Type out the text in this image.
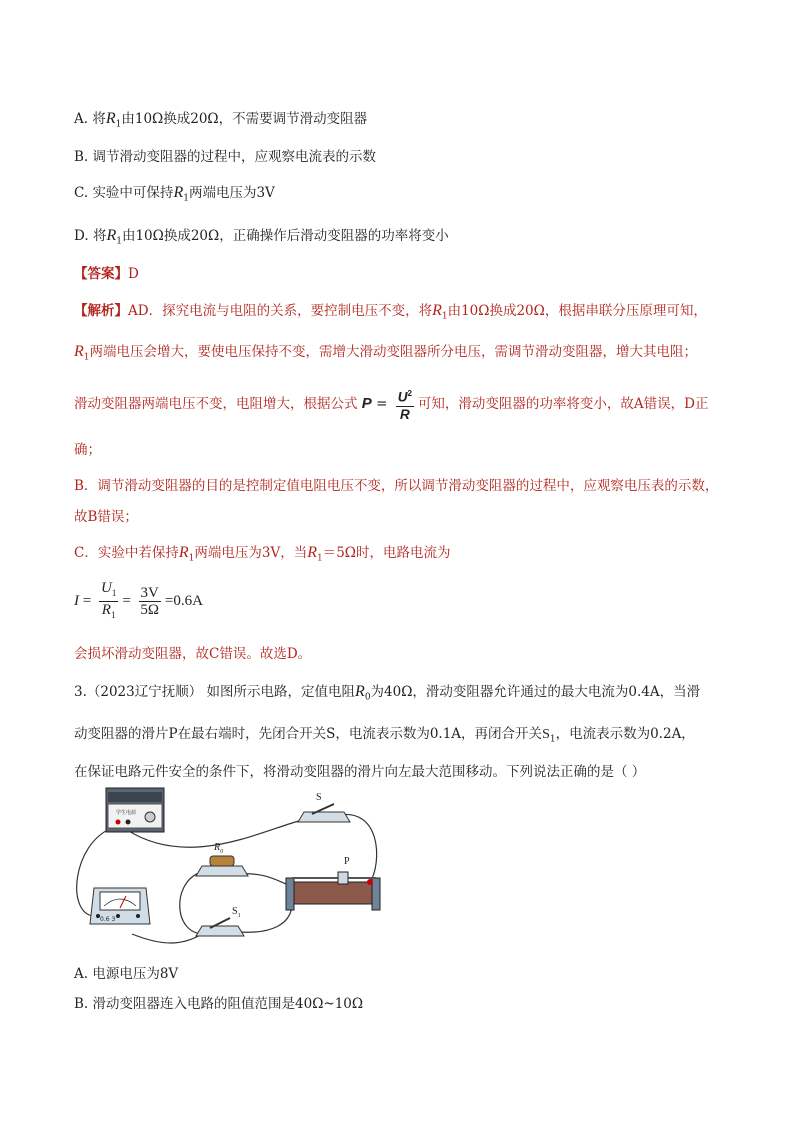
A. 将$R_1$由10Ω换成20Ω，不需要调节滑动变阻器
B. 调节滑动变阻器的过程中，应观察电流表的示数
C. 实验中可保持$R_1$两端电压为3V
D. 将$R_1$由10Ω换成20Ω，正确操作后滑动变阻器的功率将变小
【答案】D
【解析】AD．探究电流与电阻的关系，要控制电压不变，将$R_1$由10Ω换成20Ω，根据串联分压原理可知，
$R_1$两端电压会增大，要使电压保持不变，需增大滑动变阻器所分电压，需调节滑动变阻器，增大其电阻；
滑动变阻器两端电压不变，电阻增大，根据公式 $P = \frac{U^2}{R}$ 可知，滑动变阻器的功率将变小，故A错误，D正
确；
B．调节滑动变阻器的目的是控制定值电阻电压不变，所以调节滑动变阻器的过程中，应观察电压表的示数，
故B错误；
C．实验中若保持$R_1$两端电压为3V，当$R_1=5\Omega$时，电路电流为
$I = \frac{U_1}{R_1} = \frac{3V}{5\Omega} =0.6A$
会损坏滑动变阻器，故C错误。故选D。
3.（2023辽宁抚顺） 如图所示电路，定值电阻$R_0$为40Ω，滑动变阻器允许通过的最大电流为0.4A，当滑
动变阻器的滑片P在最右端时，先闭合开关S，电流表示数为0.1A，再闭合开关$S_1$，电流表示数为0.2A，
在保证电路元件安全的条件下，将滑动变阻器的滑片向左最大范围移动。下列说法正确的是（ ）
学生电源
0.6 3
$R_0$
S
$S_1$
P
A. 电源电压为8V
B. 滑动变阻器连入电路的阻值范围是40Ω~10Ω
